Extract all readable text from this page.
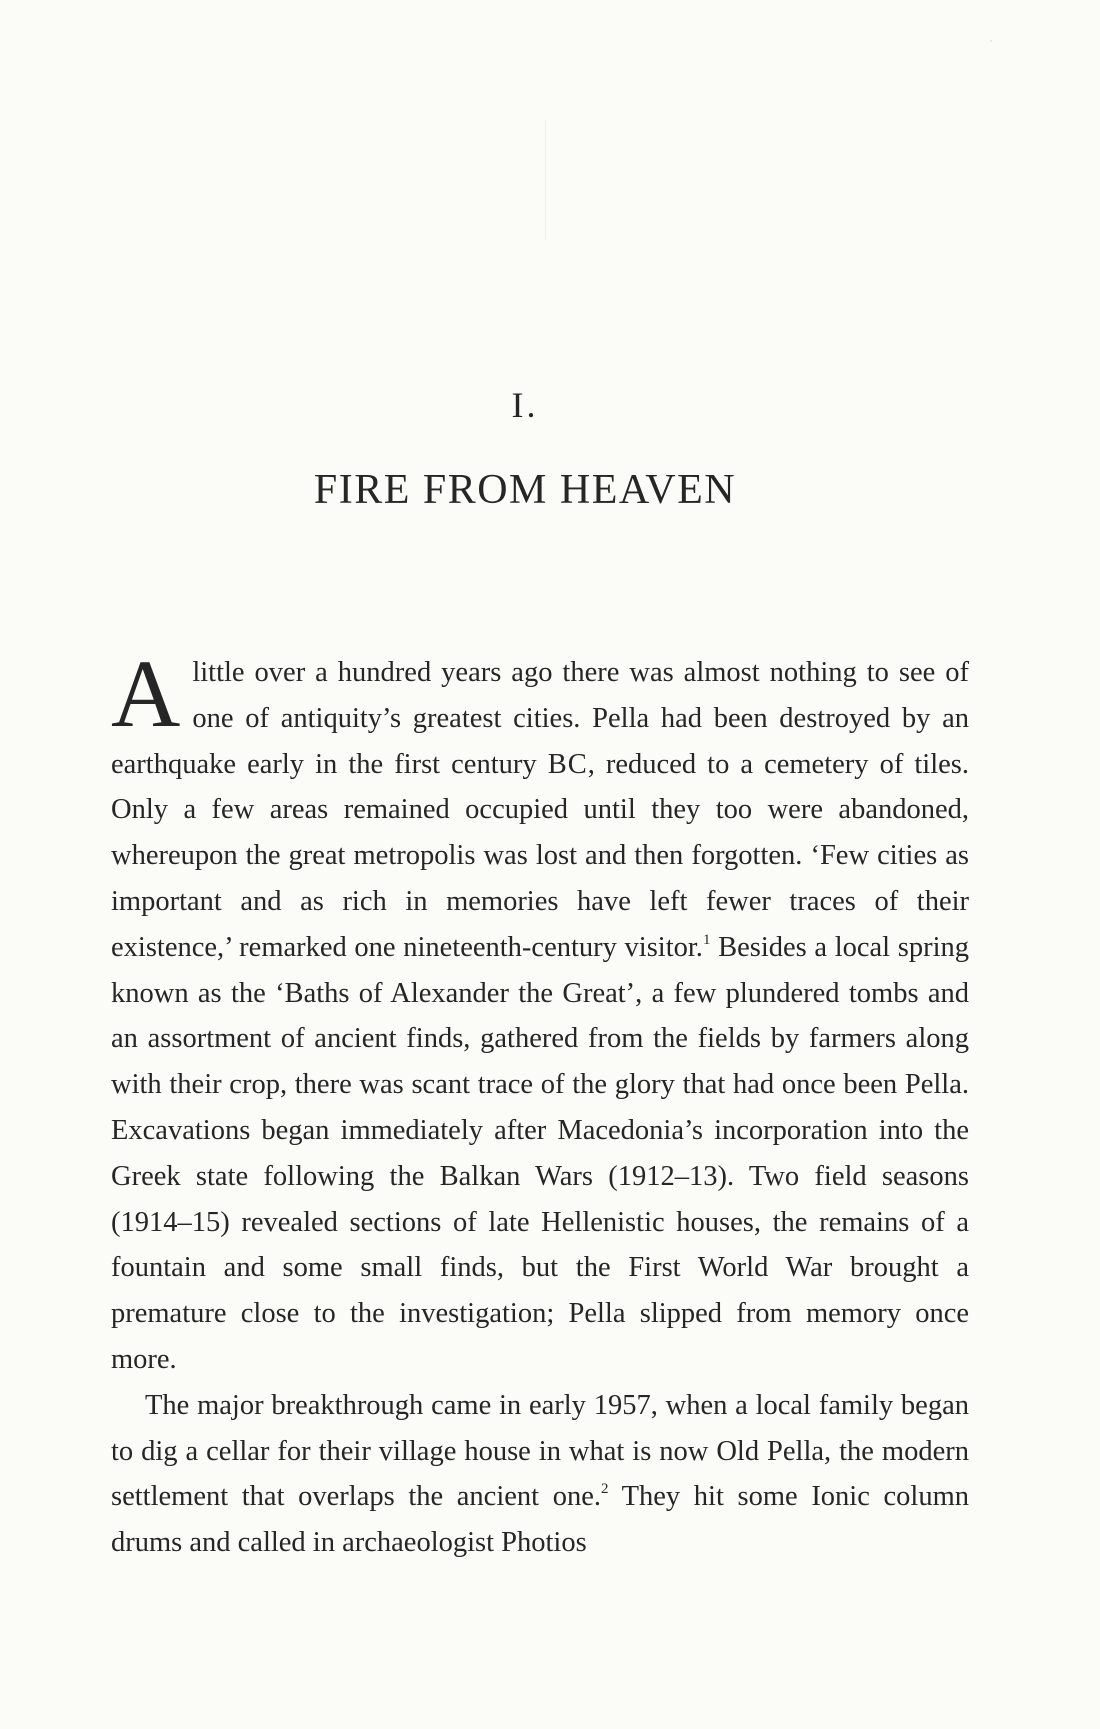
I.
FIRE FROM HEAVEN

A little over a hundred years ago there was almost nothing to see of one of antiquity’s greatest cities. Pella had been destroyed by an earthquake early in the first century BC, reduced to a cemetery of tiles. Only a few areas remained occupied until they too were abandoned, whereupon the great metropolis was lost and then forgotten. ‘Few cities as important and as rich in memories have left fewer traces of their existence,’ remarked one nineteenth-century visitor.$^1$ Besides a local spring known as the ‘Baths of Alexander the Great’, a few plundered tombs and an assortment of ancient finds, gathered from the fields by farmers along with their crop, there was scant trace of the glory that had once been Pella. Excavations began immediately after Macedonia’s incorporation into the Greek state following the Balkan Wars (1912–13). Two field seasons (1914–15) revealed sections of late Hellenistic houses, the remains of a fountain and some small finds, but the First World War brought a premature close to the investigation; Pella slipped from memory once more.

The major breakthrough came in early 1957, when a local family began to dig a cellar for their village house in what is now Old Pella, the modern settlement that overlaps the ancient one.$^2$ They hit some Ionic column drums and called in archaeologist Photios
